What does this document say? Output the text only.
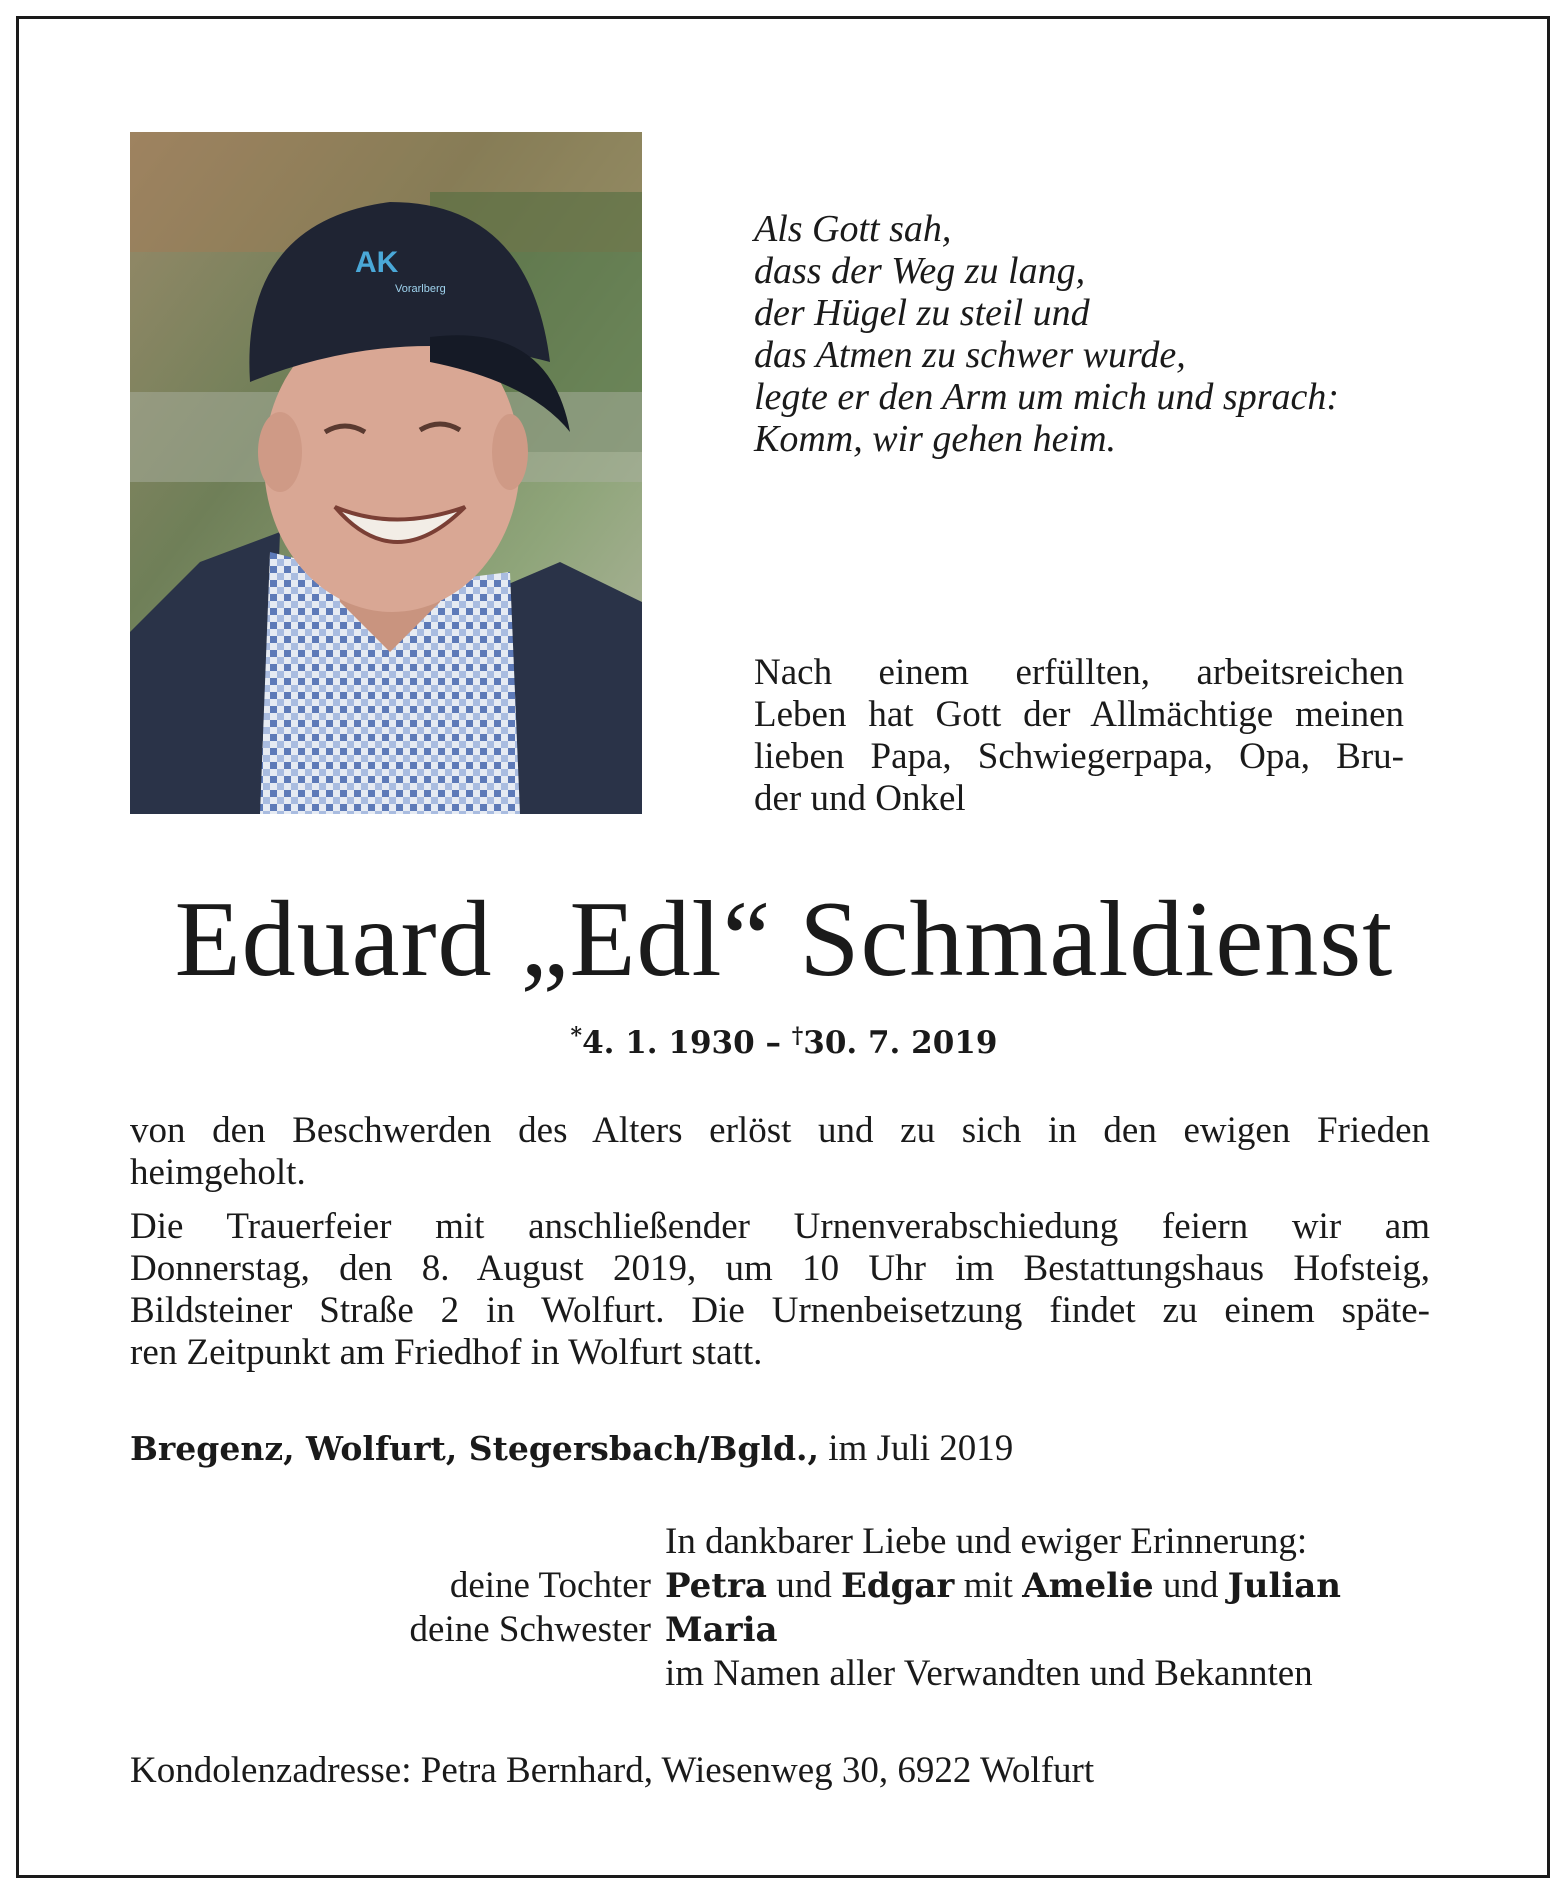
AK
Vorarlberg
Als Gott sah,
dass der Weg zu lang,
der Hügel zu steil und
das Atmen zu schwer wurde,
legte er den Arm um mich und sprach:
Komm, wir gehen heim.
Nach einem erfüllten, arbeitsreichen
Leben hat Gott der Allmächtige meinen
lieben Papa, Schwiegerpapa, Opa, Bru-
der und Onkel
Eduard „Edl“ Schmaldienst
*4. 1. 1930 – †30. 7. 2019
von den Beschwerden des Alters erlöst und zu sich in den ewigen Frieden
heimgeholt.
Die Trauerfeier mit anschließender Urnenverabschiedung feiern wir am
Donnerstag, den 8. August 2019, um 10 Uhr im Bestattungshaus Hofsteig,
Bildsteiner Straße 2 in Wolfurt. Die Urnenbeisetzung findet zu einem späte-
ren Zeitpunkt am Friedhof in Wolfurt statt.
Bregenz, Wolfurt, Stegersbach/Bgld., im Juli 2019
In dankbarer Liebe und ewiger Erinnerung:
deine Tochter Petra und Edgar mit Amelie und Julian
deine Schwester Maria
im Namen aller Verwandten und Bekannten
Kondolenzadresse: Petra Bernhard, Wiesenweg 30, 6922 Wolfurt
